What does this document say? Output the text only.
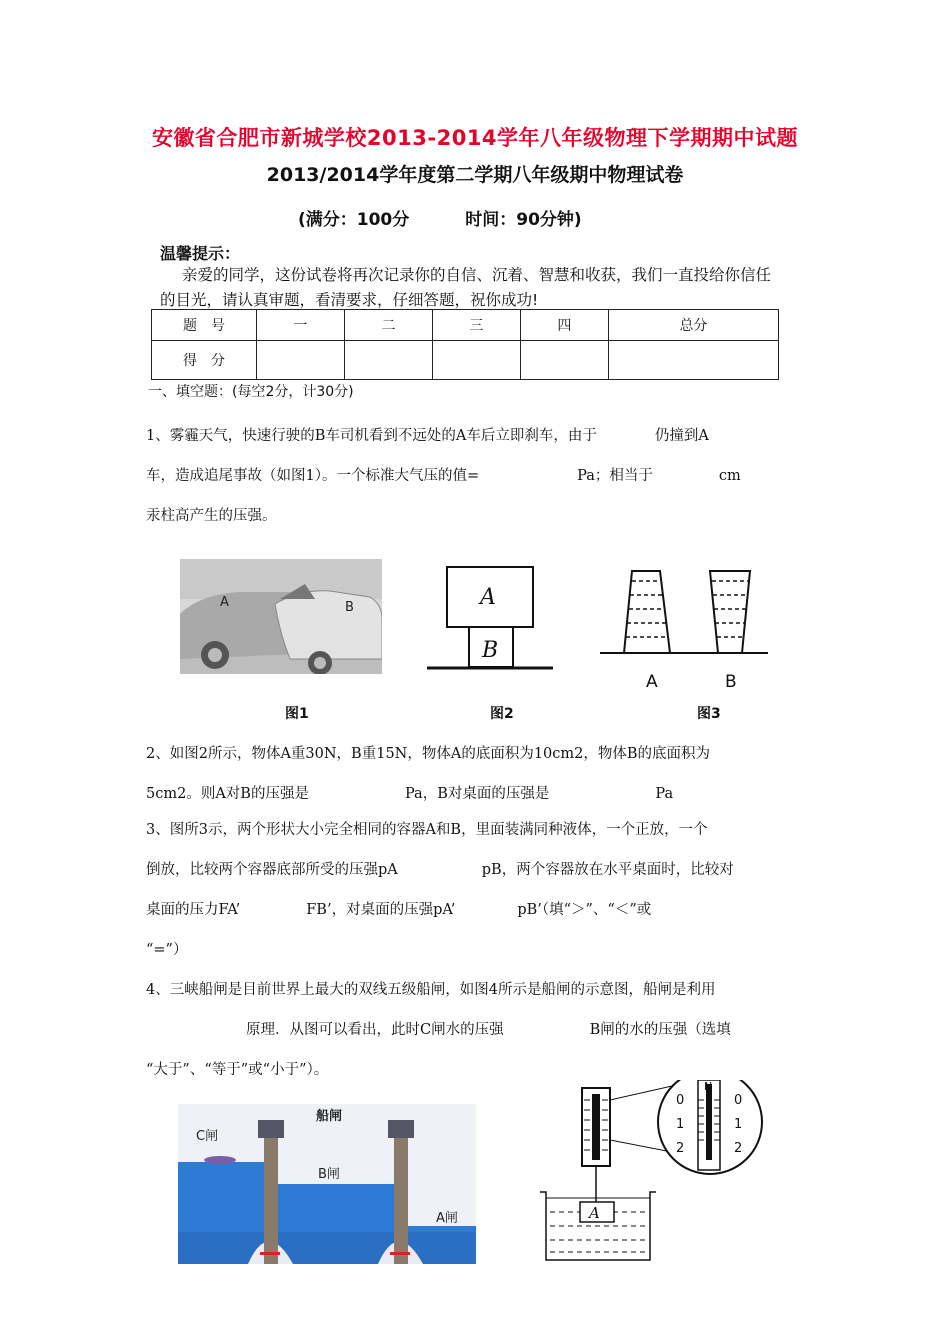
安徽省合肥市新城学校2013-2014学年八年级物理下学期期中试题
2013/2014学年度第二学期八年级期中物理试卷
(满分：100分	时间：90分钟)
温馨提示：
亲爱的同学，这份试卷将再次记录你的自信、沉着、智慧和收获，我们一直投给你信任的目光，请认真审题，看清要求，仔细答题，祝你成功!
题　号	一	二	三	四	总分
得　分					
一、填空题：(每空2分，计30分)
1、雾霾天气，快速行驶的B车司机看到不远处的A车后立即刹车，由于	仍撞到A
车，造成追尾事故（如图1）。一个标准大气压的值=	Pa；相当于	cm
汞柱高产生的压强。
A	B	A
B
A	B
图1	图2	图3
2、如图2所示，物体A重30N，B重15N，物体A的底面积为10cm2，物体B的底面积为
5cm2。则A对B的压强是	Pa，B对桌面的压强是	Pa
3、图所3示，两个形状大小完全相同的容器A和B，里面装满同种液体，一个正放，一个
倒放，比较两个容器底部所受的压强pA	pB，两个容器放在水平桌面时，比较对
桌面的压力FA’	FB’，对桌面的压强pA’	pB’（填“＞”、“＜”或
“=”）
4、三峡船闸是目前世界上最大的双线五级船闸，如图4所示是船闸的示意图，船闸是利用
原理．从图可以看出，此时C闸水的压强	B闸的水的压强（选填
“大于”、“等于”或“小于”）。
船闸
C闸
B闸
A闸
N
0	0
1	1
2	2
A
